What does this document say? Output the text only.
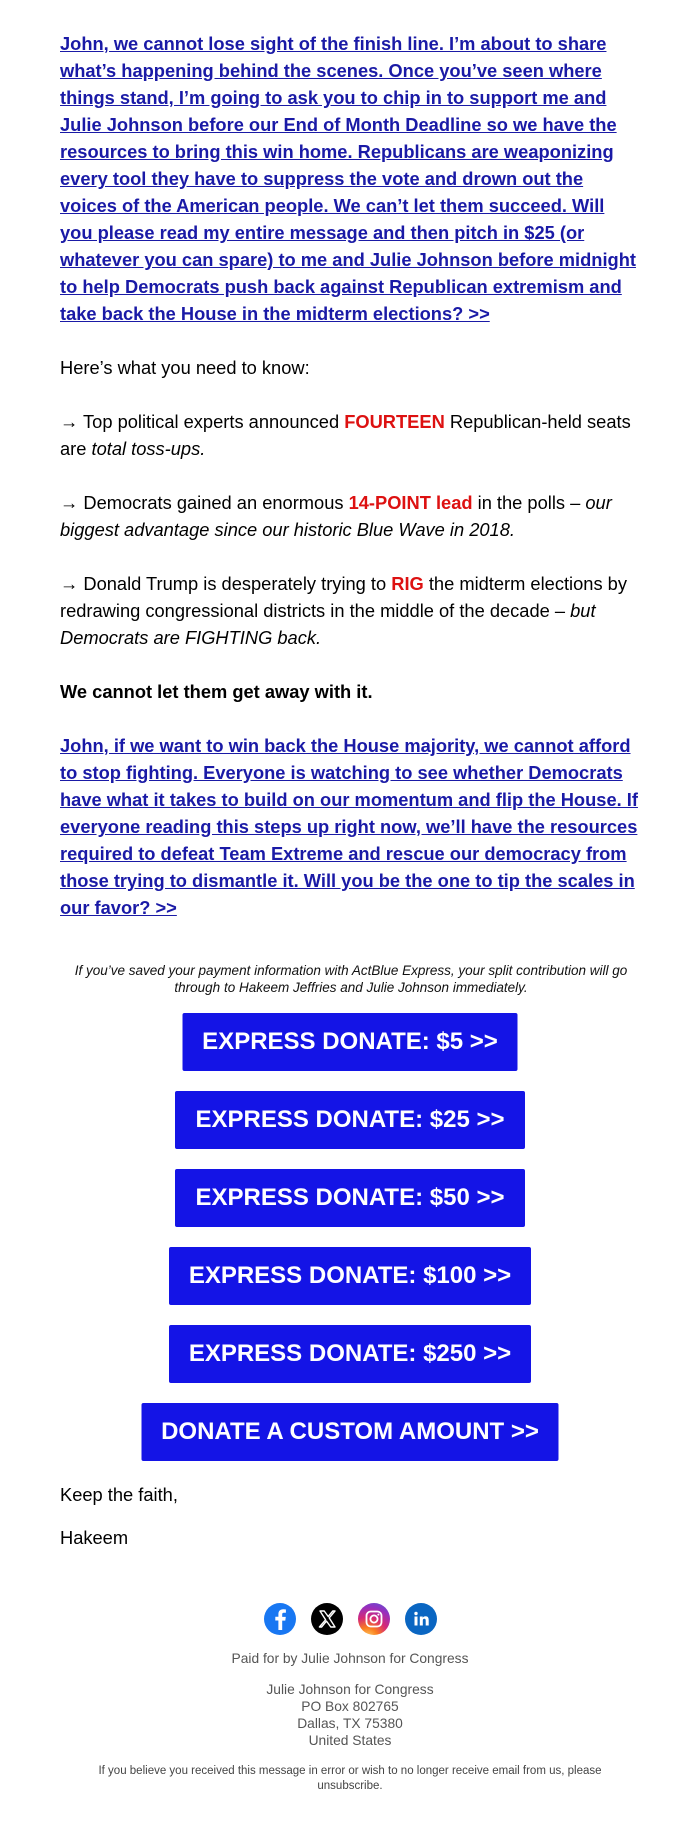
John, we cannot lose sight of the finish line. I’m about to share what’s happening behind the scenes. Once you’ve seen where things stand, I’m going to ask you to chip in to support me and Julie Johnson before our End of Month Deadline so we have the resources to bring this win home. Republicans are weaponizing every tool they have to suppress the vote and drown out the voices of the American people. We can’t let them succeed. Will you please read my entire message and then pitch in $25 (or whatever you can spare) to me and Julie Johnson before midnight to help Democrats push back against Republican extremism and take back the House in the midterm elections? >>

Here’s what you need to know:

→ Top political experts announced FOURTEEN Republican-held seats are total toss-ups.

→ Democrats gained an enormous 14-POINT lead in the polls – our biggest advantage since our historic Blue Wave in 2018.

→ Donald Trump is desperately trying to RIG the midterm elections by redrawing congressional districts in the middle of the decade – but Democrats are FIGHTING back.

We cannot let them get away with it.

John, if we want to win back the House majority, we cannot afford to stop fighting. Everyone is watching to see whether Democrats have what it takes to build on our momentum and flip the House. If everyone reading this steps up right now, we’ll have the resources required to defeat Team Extreme and rescue our democracy from those trying to dismantle it. Will you be the one to tip the scales in our favor? >>
If you’ve saved your payment information with ActBlue Express, your split contribution will go through to Hakeem Jeffries and Julie Johnson immediately.
EXPRESS DONATE: $5 >>
EXPRESS DONATE: $25 >>
EXPRESS DONATE: $50 >>
EXPRESS DONATE: $100 >>
EXPRESS DONATE: $250 >>
DONATE A CUSTOM AMOUNT >>
Keep the faith,
Hakeem
Paid for by Julie Johnson for Congress
Julie Johnson for Congress
PO Box 802765
Dallas, TX 75380
United States
If you believe you received this message in error or wish to no longer receive email from us, please unsubscribe.
